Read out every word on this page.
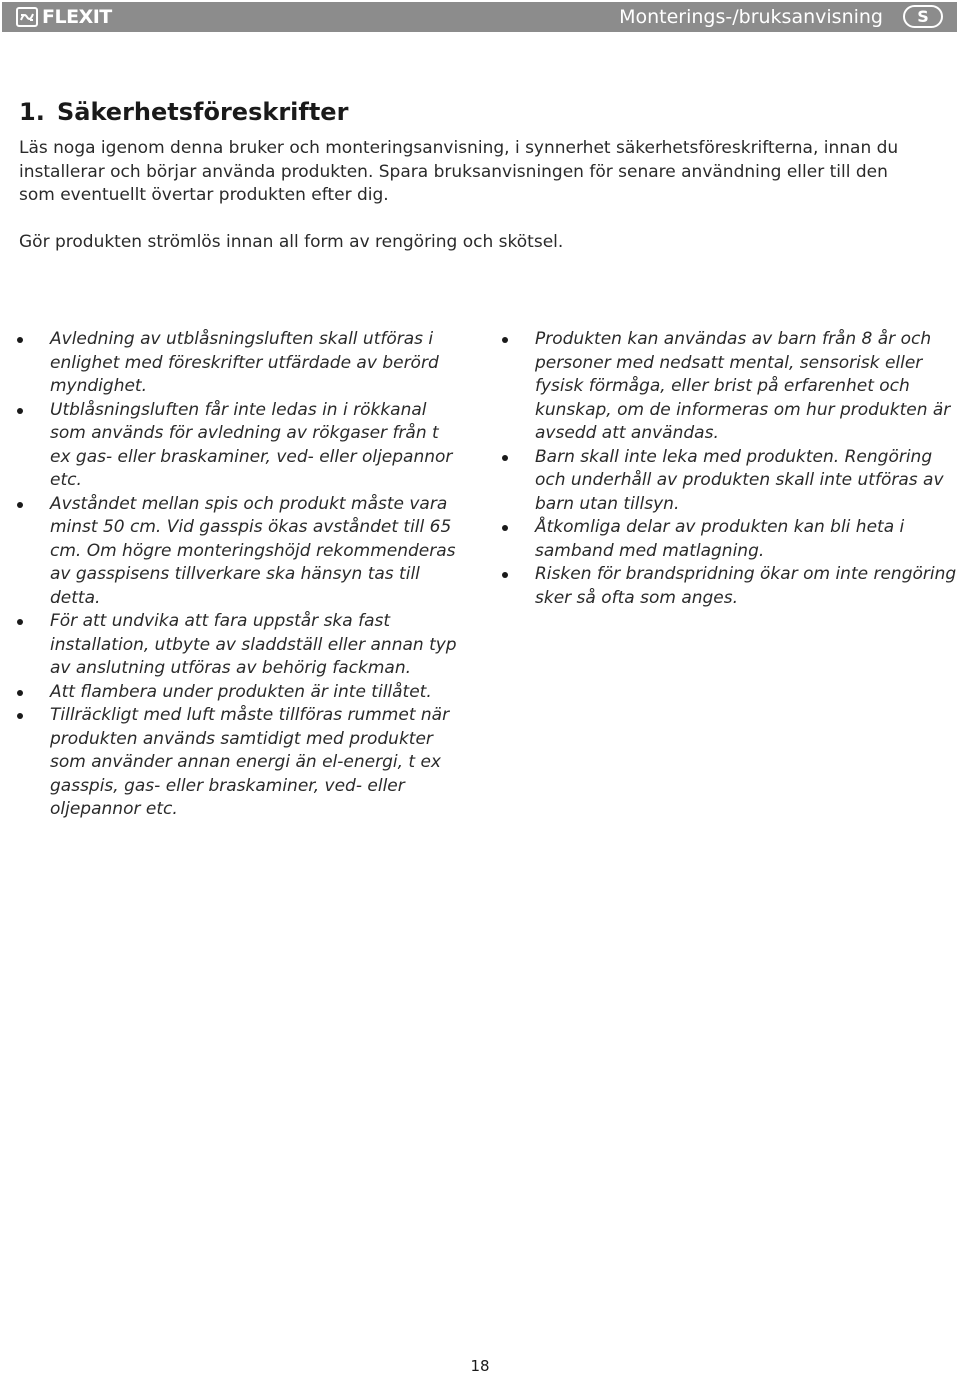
FLEXIT	Monterings-/bruksanvisning	S
1. Säkerhetsföreskrifter

Läs noga igenom denna bruker och monteringsanvisning, i synnerhet säkerhetsföreskrifterna, innan du installerar och börjar använda produkten. Spara bruksanvisningen för senare användning eller till den som eventuellt övertar produkten efter dig.

Gör produkten strömlös innan all form av rengöring och skötsel.

Avledning av utblåsningsluften skall utföras i enlighet med föreskrifter utfärdade av berörd myndighet.
Utblåsningsluften får inte ledas in i rökkanal som används för avledning av rökgaser från t ex gas- eller braskaminer, ved- eller oljepannor etc.
Avståndet mellan spis och produkt måste vara minst 50 cm. Vid gasspis ökas avståndet till 65 cm. Om högre monteringshöjd rekommenderas av gasspisens tillverkare ska hänsyn tas till detta.
För att undvika att fara uppstår ska fast installation, utbyte av sladdställ eller annan typ av anslutning utföras av behörig fackman.
Att flambera under produkten är inte tillåtet.
Tillräckligt med luft måste tillföras rummet när produkten används samtidigt med produkter som använder annan energi än el-energi, t ex gasspis, gas- eller braskaminer, ved- eller oljepannor etc.
Produkten kan användas av barn från 8 år och personer med nedsatt mental, sensorisk eller fysisk förmåga, eller brist på erfarenhet och kunskap, om de informeras om hur produkten är avsedd att användas.
Barn skall inte leka med produkten. Rengöring och underhåll av produkten skall inte utföras av barn utan tillsyn.
Åtkomliga delar av produkten kan bli heta i samband med matlagning.
Risken för brandspridning ökar om inte rengöring sker så ofta som anges.
18
